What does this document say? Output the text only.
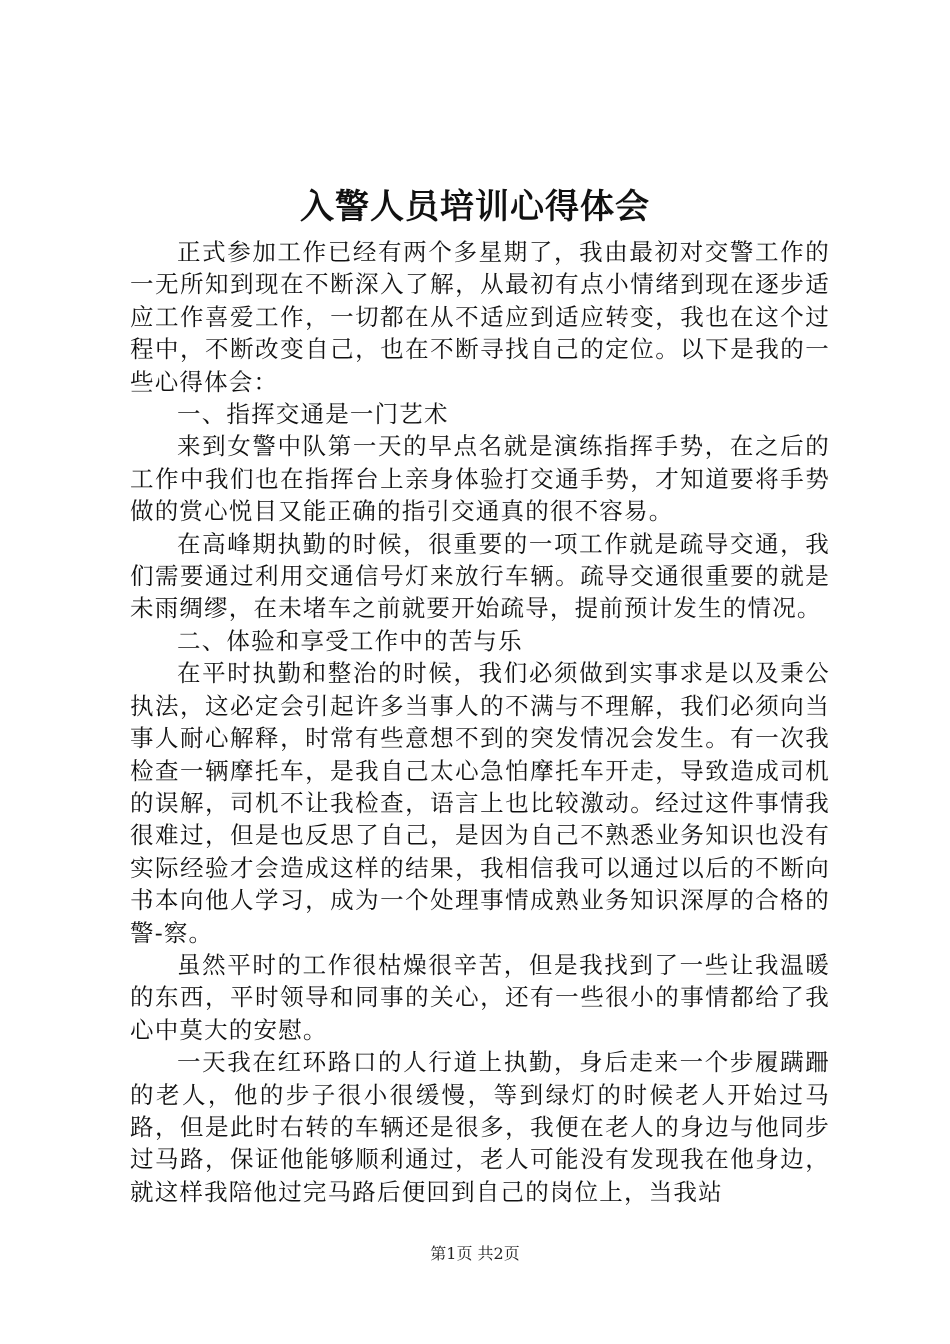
入警人员培训心得体会

正式参加工作已经有两个多星期了，我由最初对交警工作的一无所知到现在不断深入了解，从最初有点小情绪到现在逐步适应工作喜爱工作，一切都在从不适应到适应转变，我也在这个过程中，不断改变自己，也在不断寻找自己的定位。以下是我的一些心得体会：

一、指挥交通是一门艺术

来到女警中队第一天的早点名就是演练指挥手势，在之后的工作中我们也在指挥台上亲身体验打交通手势，才知道要将手势做的赏心悦目又能正确的指引交通真的很不容易。

在高峰期执勤的时候，很重要的一项工作就是疏导交通，我们需要通过利用交通信号灯来放行车辆。疏导交通很重要的就是未雨绸缪，在未堵车之前就要开始疏导，提前预计发生的情况。

二、体验和享受工作中的苦与乐

在平时执勤和整治的时候，我们必须做到实事求是以及秉公执法，这必定会引起许多当事人的不满与不理解，我们必须向当事人耐心解释，时常有些意想不到的突发情况会发生。有一次我检查一辆摩托车，是我自己太心急怕摩托车开走，导致造成司机的误解，司机不让我检查，语言上也比较激动。经过这件事情我很难过，但是也反思了自己，是因为自己不熟悉业务知识也没有实际经验才会造成这样的结果，我相信我可以通过以后的不断向书本向他人学习，成为一个处理事情成熟业务知识深厚的合格的警-察。

虽然平时的工作很枯燥很辛苦，但是我找到了一些让我温暖的东西，平时领导和同事的关心，还有一些很小的事情都给了我心中莫大的安慰。

一天我在红环路口的人行道上执勤，身后走来一个步履蹒跚的老人，他的步子很小很缓慢，等到绿灯的时候老人开始过马路，但是此时右转的车辆还是很多，我便在老人的身边与他同步过马路，保证他能够顺利通过，老人可能没有发现我在他身边，就这样我陪他过完马路后便回到自己的岗位上，当我站

第1页 共2页
